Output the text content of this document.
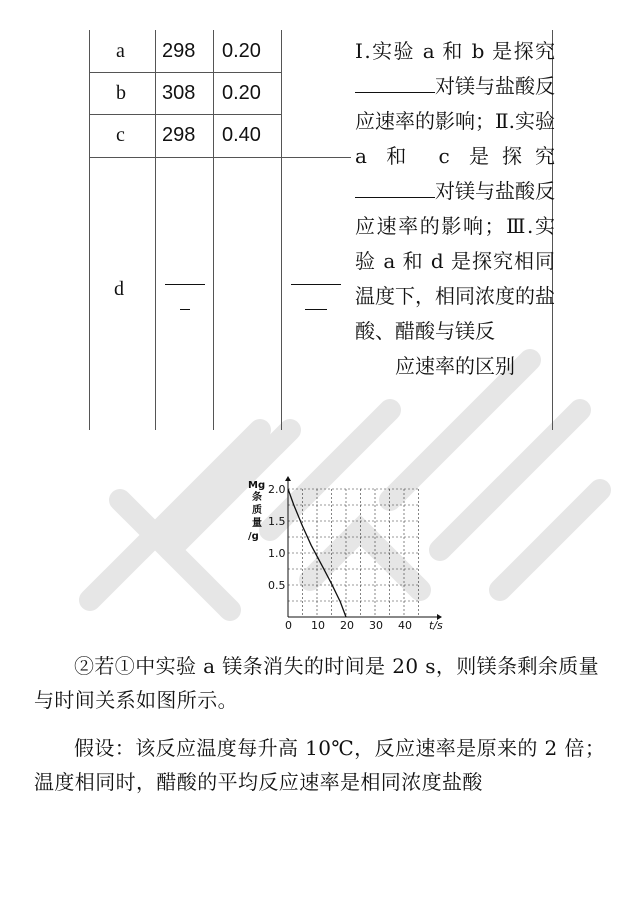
a 298 0.20
b 308 0.20
c 298 0.40
d
Ⅰ.实验 a 和 b 是探究对镁与盐酸反应速率的影响；Ⅱ.实验 a 和 c 是探究对镁与盐酸反应速率的影响；Ⅲ.实验 a 和 d 是探究相同温度下，相同浓度的盐酸、醋酸与镁反
应速率的区别
0 10 20 30 40
0.5
1.0
1.5
2.0
Mg
条
质
量
/g
t/s
②若①中实验 a 镁条消失的时间是 20 s，则镁条剩余质量与时间关系如图所示。
假设：该反应温度每升高 10℃，反应速率是原来的 2 倍；温度相同时，醋酸的平均反应速率是相同浓度盐酸
